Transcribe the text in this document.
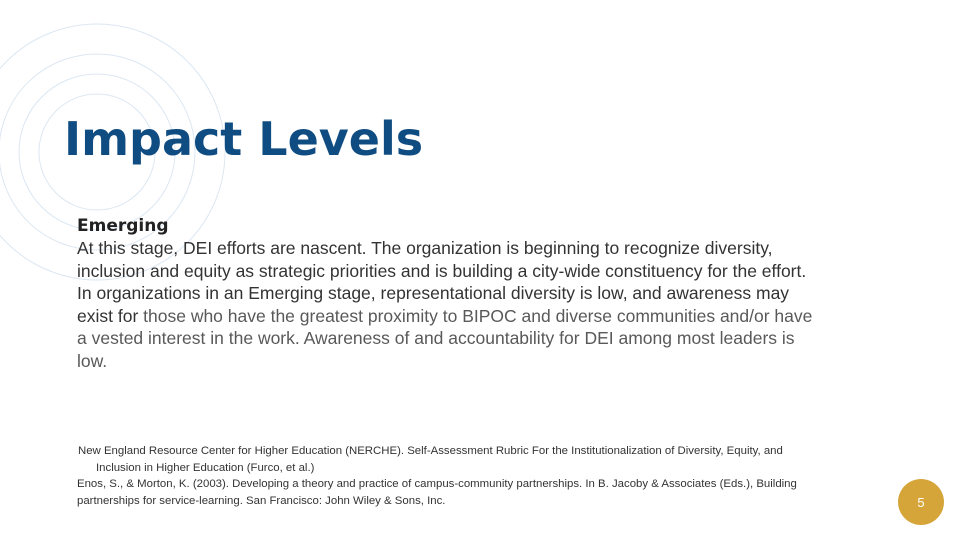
Impact Levels
Emerging

At this stage, DEI efforts are nascent. The organization is beginning to recognize diversity, inclusion and equity as strategic priorities and is building a city-wide constituency for the effort. In organizations in an Emerging stage, representational diversity is low, and awareness may exist for those who have the greatest proximity to BIPOC and diverse communities and/or have a vested interest in the work. Awareness of and accountability for DEI among most leaders is low.

New England Resource Center for Higher Education (NERCHE). Self-Assessment Rubric For the Institutionalization of Diversity, Equity, and Inclusion in Higher Education (Furco, et al.)

Enos, S., & Morton, K. (2003). Developing a theory and practice of campus-community partnerships. In B. Jacoby & Associates (Eds.), Building partnerships for service-learning. San Francisco: John Wiley & Sons, Inc.	5
